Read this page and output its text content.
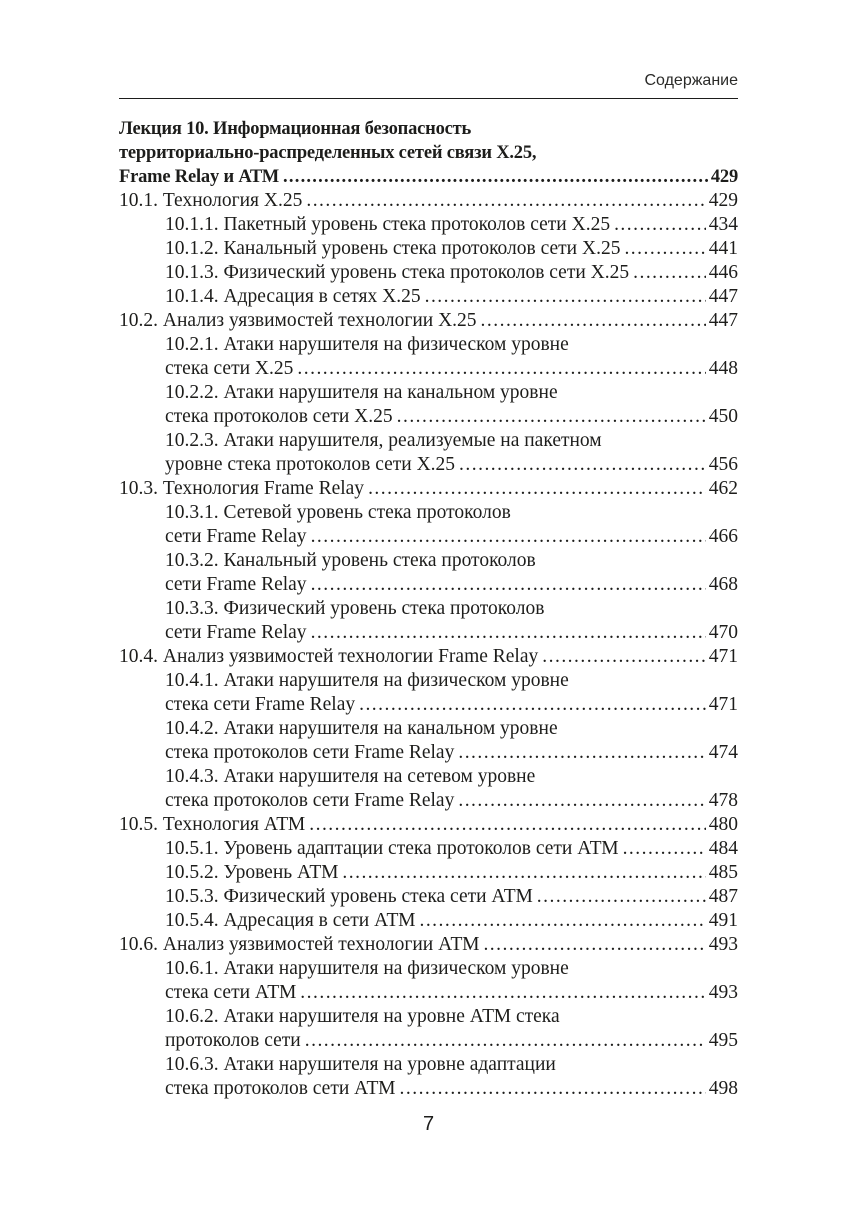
Содержание
Лекция 10. Информационная безопасность
территориально-распределенных сетей связи Х.25,
Frame Relay и АТМ . . .	429
10.1. Технология Х.25 . . .	429
10.1.1. Пакетный уровень стека протоколов сети Х.25 . . .	434
10.1.2. Канальный уровень стека протоколов сети Х.25 . . .	441
10.1.3. Физический уровень стека протоколов сети Х.25 . . .	446
10.1.4. Адресация в сетях Х.25 . . .	447
10.2. Анализ уязвимостей технологии Х.25 . . .	447
10.2.1. Атаки нарушителя на физическом уровне
стека сети Х.25 . . .	448
10.2.2. Атаки нарушителя на канальном уровне
стека протоколов сети Х.25 . . .	450
10.2.3. Атаки нарушителя, реализуемые на пакетном
уровне стека протоколов сети Х.25 . . .	456
10.3. Технология Frame Relay . . .	462
10.3.1. Сетевой уровень стека протоколов
сети Frame Relay . . .	466
10.3.2. Канальный уровень стека протоколов
сети Frame Relay . . .	468
10.3.3. Физический уровень стека протоколов
сети Frame Relay . . .	470
10.4. Анализ уязвимостей технологии Frame Relay . . .	471
10.4.1. Атаки нарушителя на физическом уровне
стека сети Frame Relay . . .	471
10.4.2. Атаки нарушителя на канальном уровне
стека протоколов сети Frame Relay . . .	474
10.4.3. Атаки нарушителя на сетевом уровне
стека протоколов сети Frame Relay . . .	478
10.5. Технология АТМ . . .	480
10.5.1. Уровень адаптации стека протоколов сети АТМ . . .	484
10.5.2. Уровень АТМ . . .	485
10.5.3. Физический уровень стека сети АТМ . . .	487
10.5.4. Адресация в сети АТМ . . .	491
10.6. Анализ уязвимостей технологии АТМ . . .	493
10.6.1. Атаки нарушителя на физическом уровне
стека сети АТМ . . .	493
10.6.2. Атаки нарушителя на уровне АТМ стека
протоколов сети . . .	495
10.6.3. Атаки нарушителя на уровне адаптации
стека протоколов сети АТМ . . .	498
7
